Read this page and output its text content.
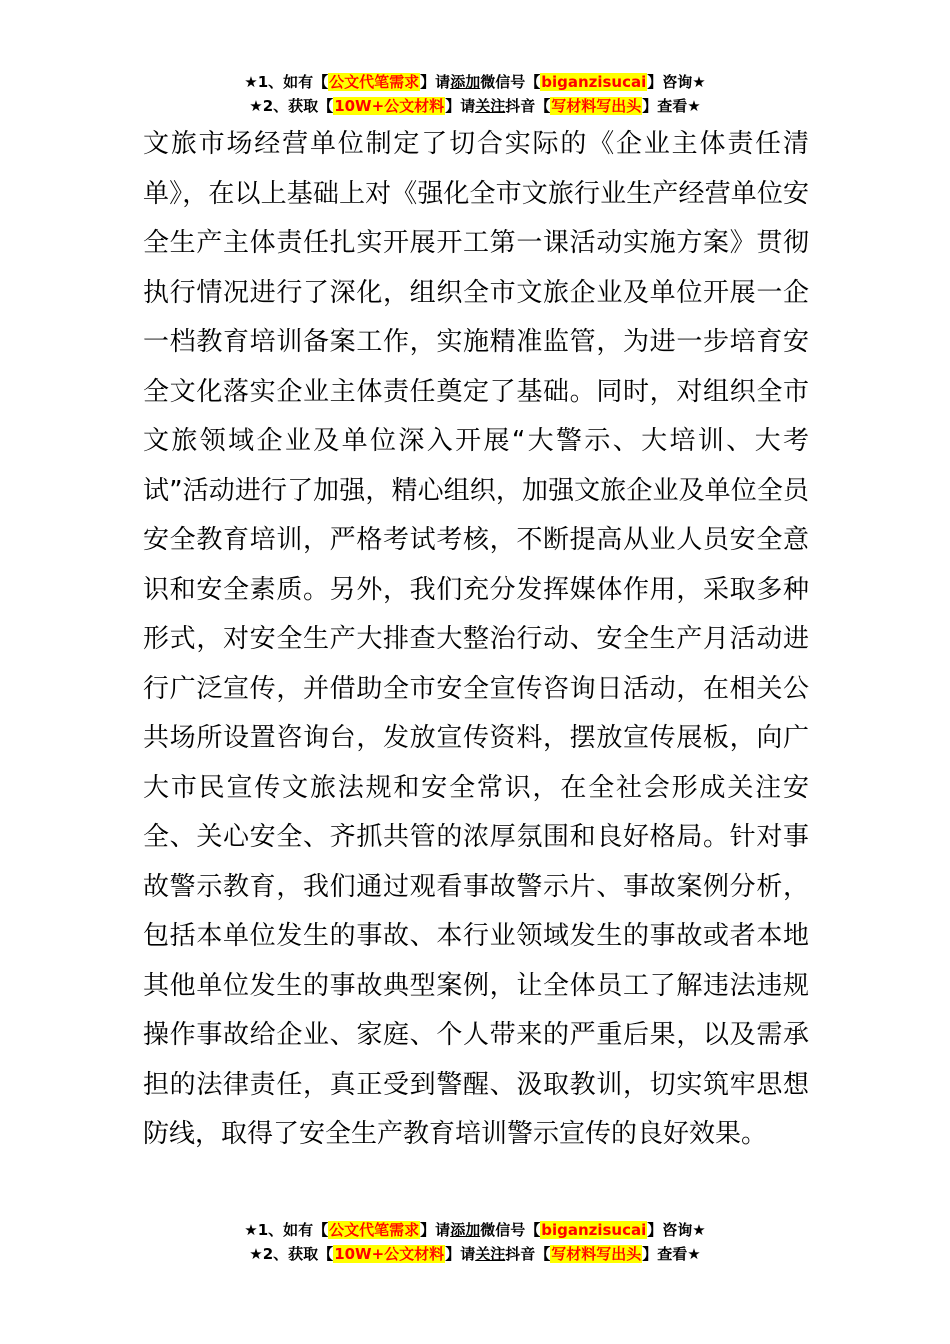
★1、如有【公文代笔需求】请添加微信号【biganzisucai】咨询★
★2、获取【10W+公文材料】请关注抖音【写材料写出头】查看★

文旅市场经营单位制定了切合实际的《企业主体责任清单》，在以上基础上对《强化全市文旅行业生产经营单位安全生产主体责任扎实开展开工第一课活动实施方案》贯彻执行情况进行了深化，组织全市文旅企业及单位开展一企一档教育培训备案工作，实施精准监管，为进一步培育安全文化落实企业主体责任奠定了基础。同时，对组织全市文旅领域企业及单位深入开展“大警示、大培训、大考试”活动进行了加强，精心组织，加强文旅企业及单位全员安全教育培训，严格考试考核，不断提高从业人员安全意识和安全素质。另外，我们充分发挥媒体作用，采取多种形式，对安全生产大排查大整治行动、安全生产月活动进行广泛宣传，并借助全市安全宣传咨询日活动，在相关公共场所设置咨询台，发放宣传资料，摆放宣传展板，向广大市民宣传文旅法规和安全常识，在全社会形成关注安全、关心安全、齐抓共管的浓厚氛围和良好格局。针对事故警示教育，我们通过观看事故警示片、事故案例分析，包括本单位发生的事故、本行业领域发生的事故或者本地其他单位发生的事故典型案例，让全体员工了解违法违规操作事故给企业、家庭、个人带来的严重后果，以及需承担的法律责任，真正受到警醒、汲取教训，切实筑牢思想防线，取得了安全生产教育培训警示宣传的良好效果。

★1、如有【公文代笔需求】请添加微信号【biganzisucai】咨询★
★2、获取【10W+公文材料】请关注抖音【写材料写出头】查看★
